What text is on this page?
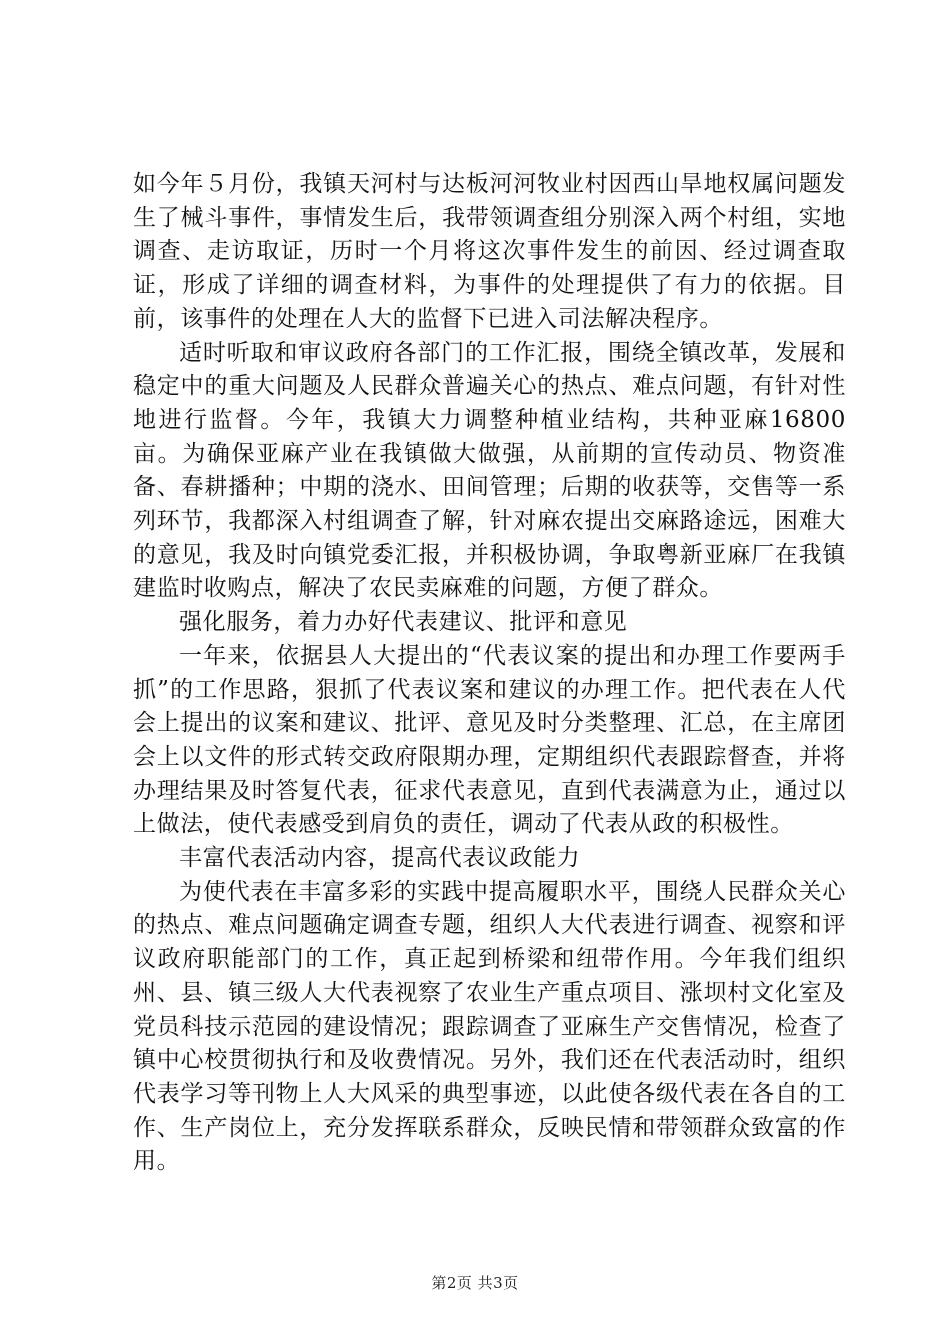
如今年５月份，我镇天河村与达板河河牧业村因西山旱地权属问题发生了械斗事件，事情发生后，我带领调查组分别深入两个村组，实地调查、走访取证，历时一个月将这次事件发生的前因、经过调查取证，形成了详细的调查材料，为事件的处理提供了有力的依据。目前，该事件的处理在人大的监督下已进入司法解决程序。

适时听取和审议政府各部门的工作汇报，围绕全镇改革，发展和稳定中的重大问题及人民群众普遍关心的热点、难点问题，有针对性地进行监督。今年，我镇大力调整种植业结构，共种亚麻16800亩。为确保亚麻产业在我镇做大做强，从前期的宣传动员、物资准备、春耕播种；中期的浇水、田间管理；后期的收获等，交售等一系列环节，我都深入村组调查了解，针对麻农提出交麻路途远，困难大的意见，我及时向镇党委汇报，并积极协调，争取粤新亚麻厂在我镇建监时收购点，解决了农民卖麻难的问题，方便了群众。

强化服务，着力办好代表建议、批评和意见

一年来，依据县人大提出的“代表议案的提出和办理工作要两手抓”的工作思路，狠抓了代表议案和建议的办理工作。把代表在人代会上提出的议案和建议、批评、意见及时分类整理、汇总，在主席团会上以文件的形式转交政府限期办理，定期组织代表跟踪督查，并将办理结果及时答复代表，征求代表意见，直到代表满意为止，通过以上做法，使代表感受到肩负的责任，调动了代表从政的积极性。

丰富代表活动内容，提高代表议政能力

为使代表在丰富多彩的实践中提高履职水平，围绕人民群众关心的热点、难点问题确定调查专题，组织人大代表进行调查、视察和评议政府职能部门的工作，真正起到桥梁和纽带作用。今年我们组织州、县、镇三级人大代表视察了农业生产重点项目、涨坝村文化室及党员科技示范园的建设情况；跟踪调查了亚麻生产交售情况，检查了镇中心校贯彻执行和及收费情况。另外，我们还在代表活动时，组织代表学习等刊物上人大风采的典型事迹，以此使各级代表在各自的工作、生产岗位上，充分发挥联系群众，反映民情和带领群众致富的作用。

第2页 共3页
